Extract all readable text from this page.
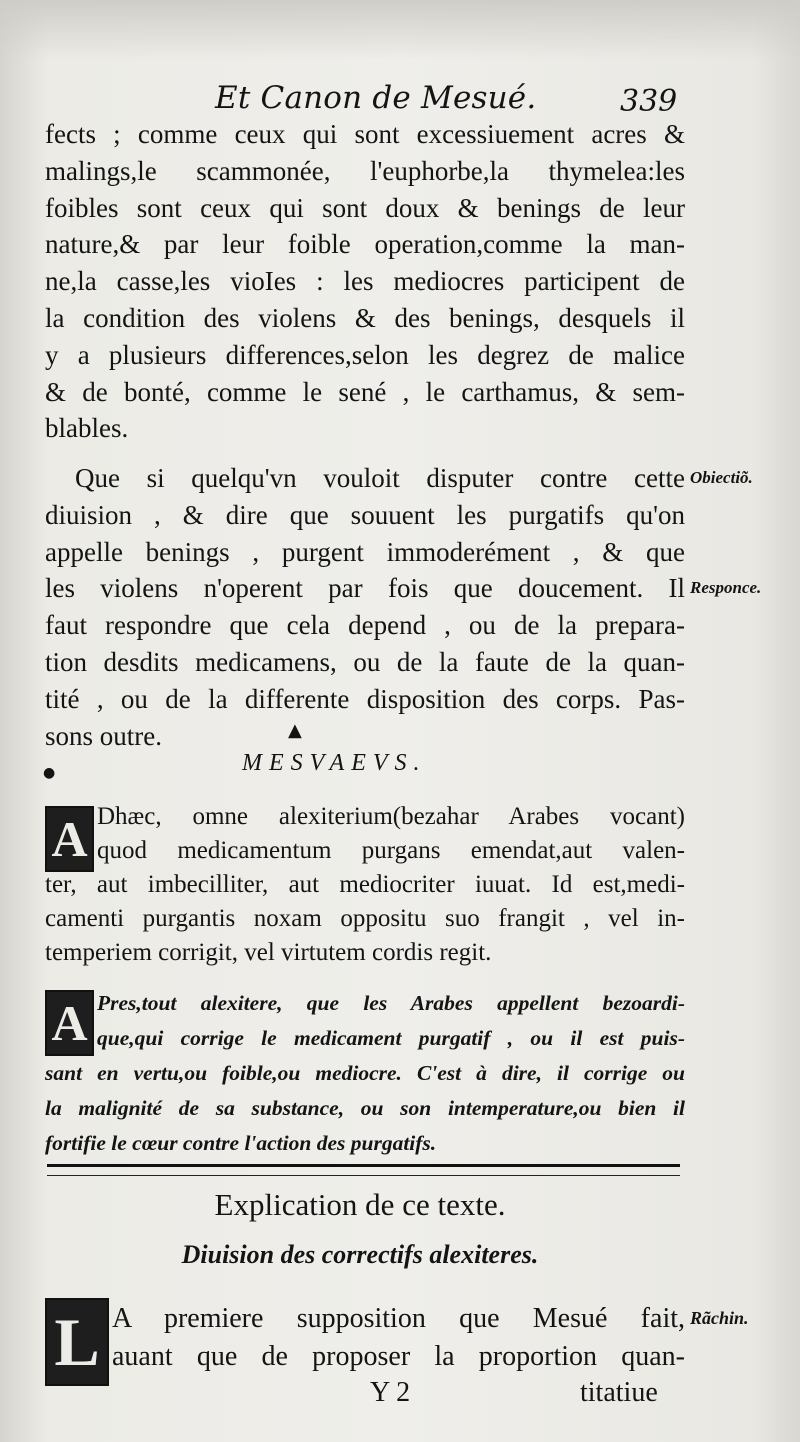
Et Canon de Mesué.	339
fects ; comme ceux qui sont excessiuement acres &
malings,le scammonée, l'euphorbe,la thymelea:les
foibles sont ceux qui sont doux & benings de leur
nature,& par leur foible operation,comme la man-
ne,la casse,les vioIes : les mediocres participent de
la condition des violens & des benings, desquels il
y a plusieurs differences,selon les degrez de malice
& de bonté, comme le sené , le carthamus, & sem-
blables.
Que si quelqu'vn vouloit disputer contre cette
diuision , & dire que souuent les purgatifs qu'on
appelle benings , purgent immoderément , & que
les violens n'operent par fois que doucement. Il
faut respondre que cela depend , ou de la prepara-
tion desdits medicamens, ou de la faute de la quan-
tité , ou de la differente disposition des corps. Pas-
sons outre.
Obiectiõ.
Responce.
▲
●	MESVAEVS.
A Dhæc, omne alexiterium(bezahar Arabes vocant)
quod medicamentum purgans emendat,aut valen-
ter, aut imbecilliter, aut mediocriter iuuat. Id est,medi-
camenti purgantis noxam oppositu suo frangit , vel in-
temperiem corrigit, vel virtutem cordis regit.
A Pres,tout alexitere, que les Arabes appellent bezoardi-
que,qui corrige le medicament purgatif , ou il est puis-
sant en vertu,ou foible,ou mediocre. C'est à dire, il corrige ou
la malignité de sa substance, ou son intemperature,ou bien il
fortifie le cœur contre l'action des purgatifs.
Explication de ce texte.
Diuision des correctifs alexiteres.
L A premiere supposition que Mesué fait,
auant que de proposer la proportion quan-
Rãchin.
Y 2	titatiue
